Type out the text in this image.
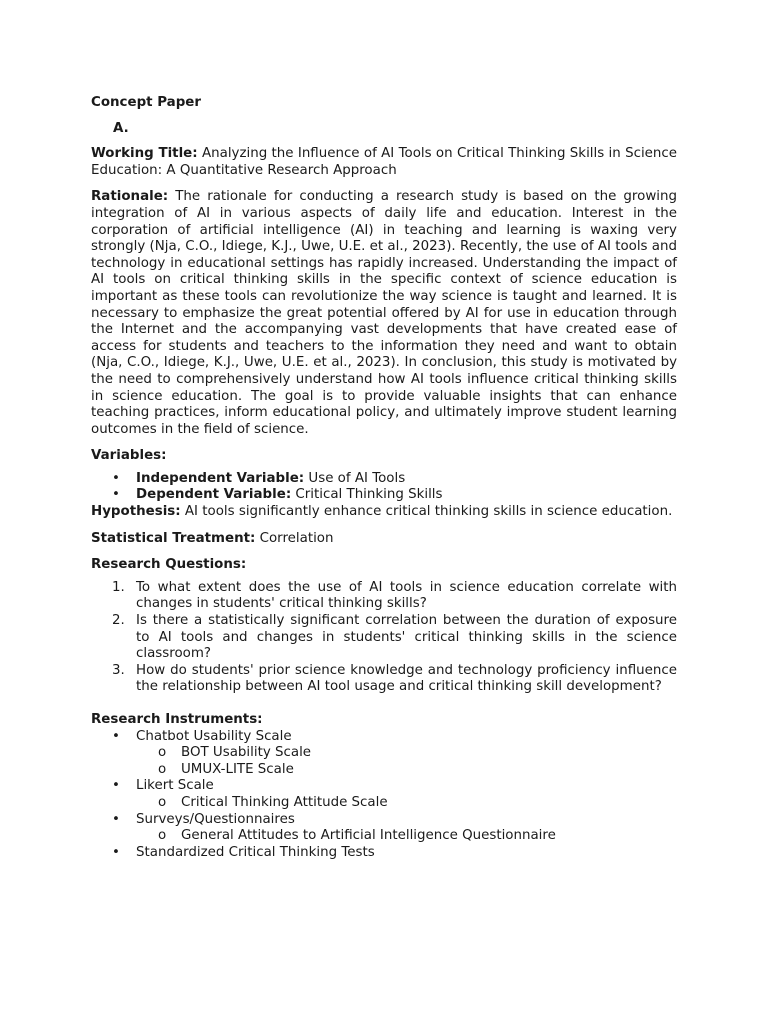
Concept Paper

A.

Working Title: Analyzing the Influence of AI Tools on Critical Thinking Skills in Science Education: A Quantitative Research Approach

Rationale: The rationale for conducting a research study is based on the growing integration of AI in various aspects of daily life and education. Interest in the corporation of artificial intelligence (AI) in teaching and learning is waxing very strongly (Nja, C.O., Idiege, K.J., Uwe, U.E. et al., 2023). Recently, the use of AI tools and technology in educational settings has rapidly increased. Understanding the impact of AI tools on critical thinking skills in the specific context of science education is important as these tools can revolutionize the way science is taught and learned. It is necessary to emphasize the great potential offered by AI for use in education through the Internet and the accompanying vast developments that have created ease of access for students and teachers to the information they need and want to obtain (Nja, C.O., Idiege, K.J., Uwe, U.E. et al., 2023). In conclusion, this study is motivated by the need to comprehensively understand how AI tools influence critical thinking skills in science education. The goal is to provide valuable insights that can enhance teaching practices, inform educational policy, and ultimately improve student learning outcomes in the field of science.

Variables:

• Independent Variable: Use of AI Tools
• Dependent Variable: Critical Thinking Skills

Hypothesis: AI tools significantly enhance critical thinking skills in science education.

Statistical Treatment: Correlation

Research Questions:

1. To what extent does the use of AI tools in science education correlate with changes in students' critical thinking skills?
2. Is there a statistically significant correlation between the duration of exposure to AI tools and changes in students' critical thinking skills in the science classroom?
3. How do students' prior science knowledge and technology proficiency influence the relationship between AI tool usage and critical thinking skill development?

Research Instruments:

• Chatbot Usability Scale
o BOT Usability Scale
o UMUX-LITE Scale
• Likert Scale
o Critical Thinking Attitude Scale
• Surveys/Questionnaires
o General Attitudes to Artificial Intelligence Questionnaire
• Standardized Critical Thinking Tests
